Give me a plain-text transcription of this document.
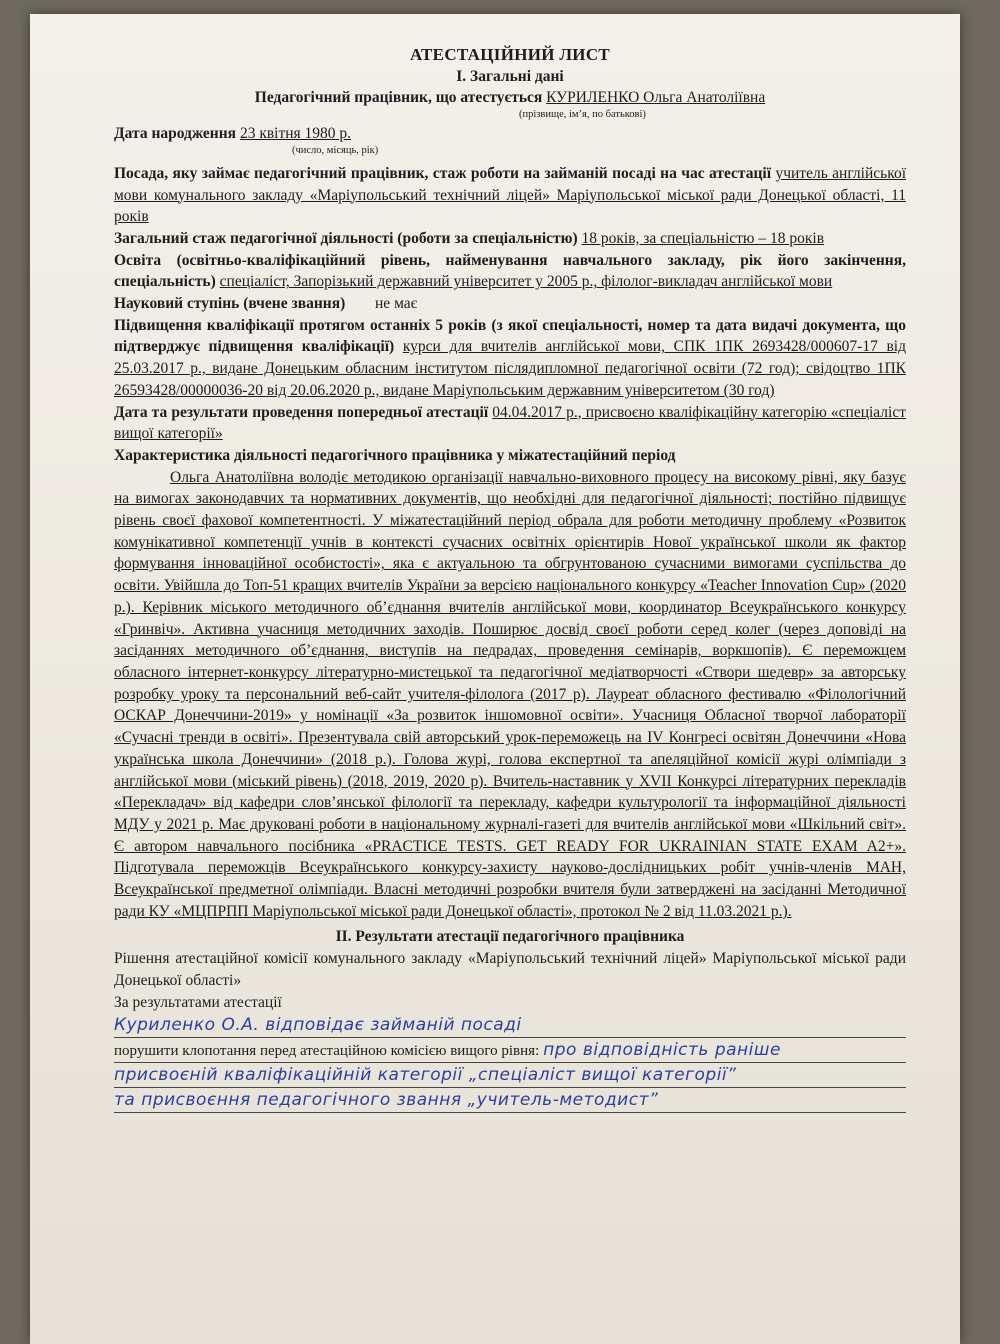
АТЕСТАЦІЙНИЙ ЛИСТ
І. Загальні дані
Педагогічний працівник, що атестується КУРИЛЕНКО Ольга Анатоліївна
(прізвище, ім’я, по батькові)
Дата народження 23 квітня 1980 р.
(число, місяць, рік)
Посада, яку займає педагогічний працівник, стаж роботи на займаній посаді на час атестації учитель англійської мови комунального закладу «Маріупольський технічний ліцей» Маріупольської міської ради Донецької області, 11 років
Загальний стаж педагогічної діяльності (роботи за спеціальністю) 18 років, за спеціальністю – 18 років
Освіта (освітньо-кваліфікаційний рівень, найменування навчального закладу, рік його закінчення, спеціальність) спеціаліст, Запорізький державний університет у 2005 р., філолог-викладач англійської мови
Науковий ступінь (вчене звання) не має
Підвищення кваліфікації протягом останніх 5 років (з якої спеціальності, номер та дата видачі документа, що підтверджує підвищення кваліфікації) курси для вчителів англійської мови, СПК 1ПК 2693428/000607-17 від 25.03.2017 р., видане Донецьким обласним інститутом післядипломної педагогічної освіти (72 год); свідоцтво 1ПК 26593428/00000036-20 від 20.06.2020 р., видане Маріупольським державним університетом (30 год)
Дата та результати проведення попередньої атестації 04.04.2017 р., присвоєно кваліфікаційну категорію «спеціаліст вищої категорії»
Характеристика діяльності педагогічного працівника у міжатестаційний період
Ольга Анатоліївна володіє методикою організації навчально-виховного процесу на високому рівні, яку базує на вимогах законодавчих та нормативних документів, що необхідні для педагогічної діяльності; постійно підвищує рівень своєї фахової компетентності. У міжатестаційний період обрала для роботи методичну проблему «Розвиток комунікативної компетенції учнів в контексті сучасних освітніх орієнтирів Нової української школи як фактор формування інноваційної особистості», яка є актуальною та обгрунтованою сучасними вимогами суспільства до освіти. Увійшла до Топ-51 кращих вчителів України за версією національного конкурсу «Teacher Innovation Cup» (2020 р.). Керівник міського методичного об’єднання вчителів англійської мови, координатор Всеукраїнського конкурсу «Гринвіч». Активна учасниця методичних заходів. Поширює досвід своєї роботи серед колег (через доповіді на засіданнях методичного об’єднання, виступів на педрадах, проведення семінарів, воркшопів). Є переможцем обласного інтернет-конкурсу літературно-мистецької та педагогічної медіатворчості «Створи шедевр» за авторську розробку уроку та персональний веб-сайт учителя-філолога (2017 р). Лауреат обласного фестивалю «Філологічний ОСКАР Донеччини-2019» у номінації «За розвиток іншомовної освіти». Учасниця Обласної творчої лабораторії «Сучасні тренди в освіті». Презентувала свій авторський урок-переможець на IV Конгресі освітян Донеччини «Нова українська школа Донеччини» (2018 р.). Голова журі, голова експертної та апеляційної комісії журі олімпіади з англійської мови (міський рівень) (2018, 2019, 2020 р). Вчитель-наставник у XVII Конкурсі літературних перекладів «Перекладач» від кафедри слов’янської філології та перекладу, кафедри культурології та інформаційної діяльності МДУ у 2021 р. Має друковані роботи в національному журналі-газеті для вчителів англійської мови «Шкільний світ». Є автором навчального посібника «PRACTICE TESTS. GET READY FOR UKRAINIAN STATE EXAM A2+». Підготувала переможців Всеукраїнського конкурсу-захисту науково-дослідницьких робіт учнів-членів МАН, Всеукраїнської предметної олімпіади. Власні методичні розробки вчителя були затверджені на засіданні Методичної ради КУ «МЦПРПП Маріупольської міської ради Донецької області», протокол № 2 від 11.03.2021 р.).
ІІ. Результати атестації педагогічного працівника
Рішення атестаційної комісії комунального закладу «Маріупольський технічний ліцей» Маріупольської міської ради Донецької області»
За результатами атестації
Куриленко О.А. відповідає займаній посаді
порушити клопотання перед атестаційною комісією вищого рівня: про відповідність раніше
присвоєній кваліфікаційній категорії „спеціаліст вищої категорії”
та присвоєння педагогічного звання „учитель-методист”
